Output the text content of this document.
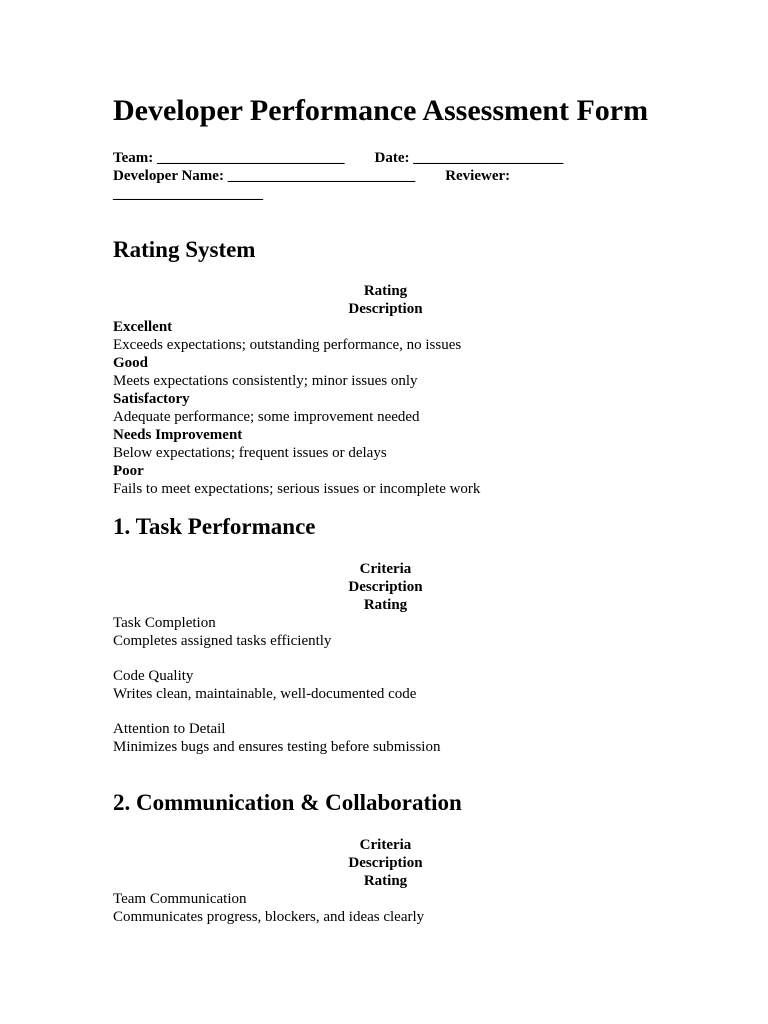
Developer Performance Assessment Form
Team: _________________________ Date: ____________________
Developer Name: _________________________ Reviewer:
____________________
Rating System
Rating
Description
Excellent
Exceeds expectations; outstanding performance, no issues
Good
Meets expectations consistently; minor issues only
Satisfactory
Adequate performance; some improvement needed
Needs Improvement
Below expectations; frequent issues or delays
Poor
Fails to meet expectations; serious issues or incomplete work
1. Task Performance
Criteria
Description
Rating
Task Completion
Completes assigned tasks efficiently
Code Quality
Writes clean, maintainable, well-documented code
Attention to Detail
Minimizes bugs and ensures testing before submission
2. Communication & Collaboration
Criteria
Description
Rating
Team Communication
Communicates progress, blockers, and ideas clearly
